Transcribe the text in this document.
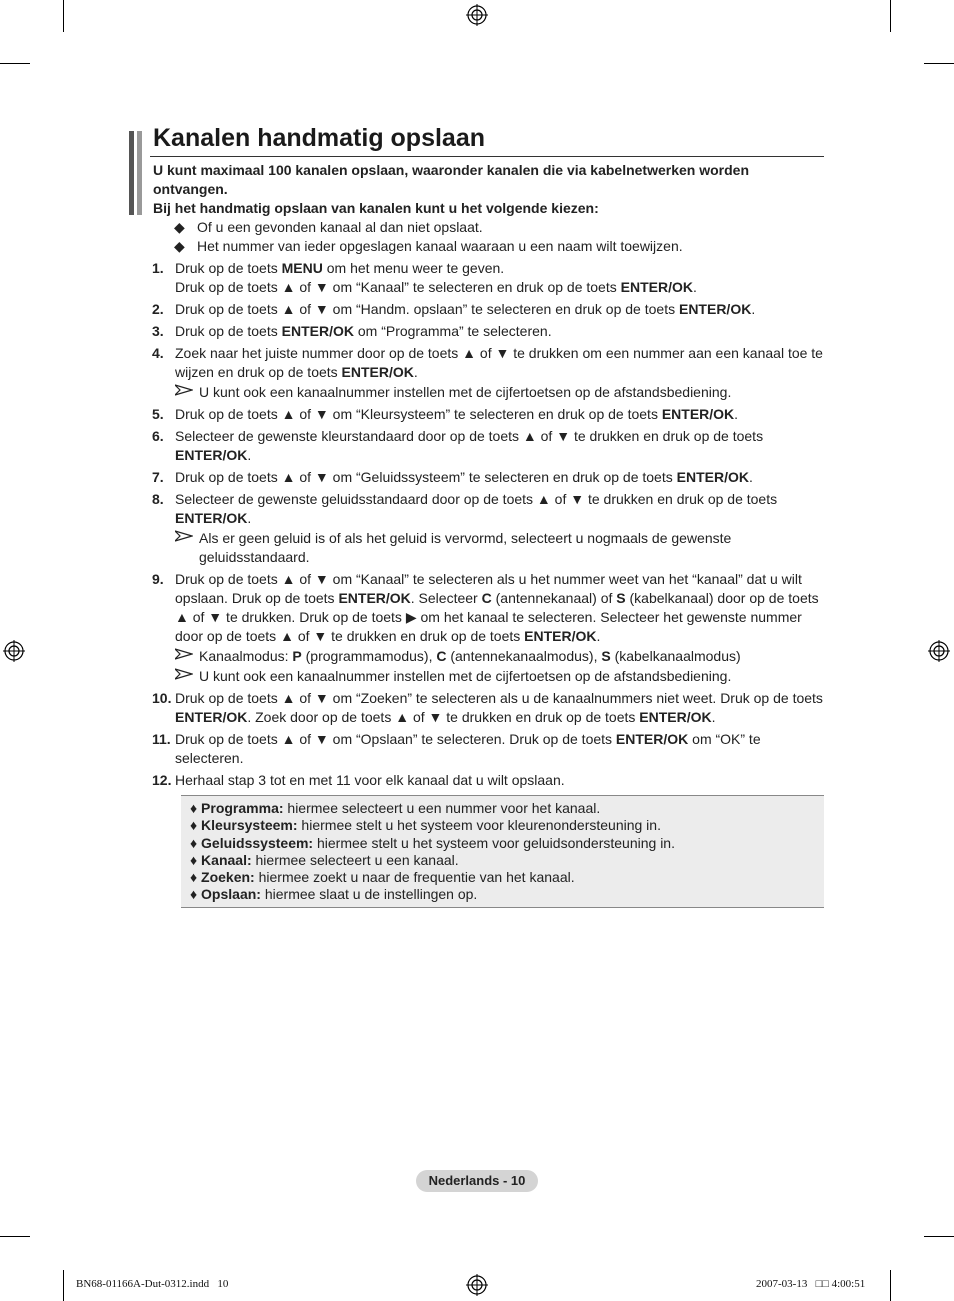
Kanalen handmatig opslaan
U kunt maximaal 100 kanalen opslaan, waaronder kanalen die via kabelnetwerken worden ontvangen.
Bij het handmatig opslaan van kanalen kunt u het volgende kiezen:
◆ Of u een gevonden kanaal al dan niet opslaat.
◆ Het nummer van ieder opgeslagen kanaal waaraan u een naam wilt toewijzen.
1. Druk op de toets MENU om het menu weer te geven.
Druk op de toets ▲ of ▼ om “Kanaal” te selecteren en druk op de toets ENTER/OK.
2. Druk op de toets ▲ of ▼ om “Handm. opslaan” te selecteren en druk op de toets ENTER/OK.
3. Druk op de toets ENTER/OK om “Programma” te selecteren.
4. Zoek naar het juiste nummer door op de toets ▲ of ▼ te drukken om een nummer aan een kanaal toe te wijzen en druk op de toets ENTER/OK.
U kunt ook een kanaalnummer instellen met de cijfertoetsen op de afstandsbediening.
5. Druk op de toets ▲ of ▼ om “Kleursysteem” te selecteren en druk op de toets ENTER/OK.
6. Selecteer de gewenste kleurstandaard door op de toets ▲ of ▼ te drukken en druk op de toets ENTER/OK.
7. Druk op de toets ▲ of ▼ om “Geluidssysteem” te selecteren en druk op de toets ENTER/OK.
8. Selecteer de gewenste geluidsstandaard door op de toets ▲ of ▼ te drukken en druk op de toets ENTER/OK.
Als er geen geluid is of als het geluid is vervormd, selecteert u nogmaals de gewenste geluidsstandaard.
9. Druk op de toets ▲ of ▼ om “Kanaal” te selecteren als u het nummer weet van het “kanaal” dat u wilt opslaan. Druk op de toets ENTER/OK. Selecteer C (antennekanaal) of S (kabelkanaal) door op de toets ▲ of ▼ te drukken. Druk op de toets ▶ om het kanaal te selecteren. Selecteer het gewenste nummer door op de toets ▲ of ▼ te drukken en druk op de toets ENTER/OK.
Kanaalmodus: P (programmamodus), C (antennekanaalmodus), S (kabelkanaalmodus)
U kunt ook een kanaalnummer instellen met de cijfertoetsen op de afstandsbediening.
10. Druk op de toets ▲ of ▼ om “Zoeken” te selecteren als u de kanaalnummers niet weet. Druk op de toets ENTER/OK. Zoek door op de toets ▲ of ▼ te drukken en druk op de toets ENTER/OK.
11. Druk op de toets ▲ of ▼ om “Opslaan” te selecteren. Druk op de toets ENTER/OK om “OK” te selecteren.
12. Herhaal stap 3 tot en met 11 voor elk kanaal dat u wilt opslaan.
♦ Programma: hiermee selecteert u een nummer voor het kanaal.
♦ Kleursysteem: hiermee stelt u het systeem voor kleurenondersteuning in.
♦ Geluidssysteem: hiermee stelt u het systeem voor geluidsondersteuning in.
♦ Kanaal: hiermee selecteert u een kanaal.
♦ Zoeken: hiermee zoekt u naar de frequentie van het kanaal.
♦ Opslaan: hiermee slaat u de instellingen op.
Nederlands - 10
BN68-01166A-Dut-0312.indd   10	2007-03-13   □□ 4:00:51
